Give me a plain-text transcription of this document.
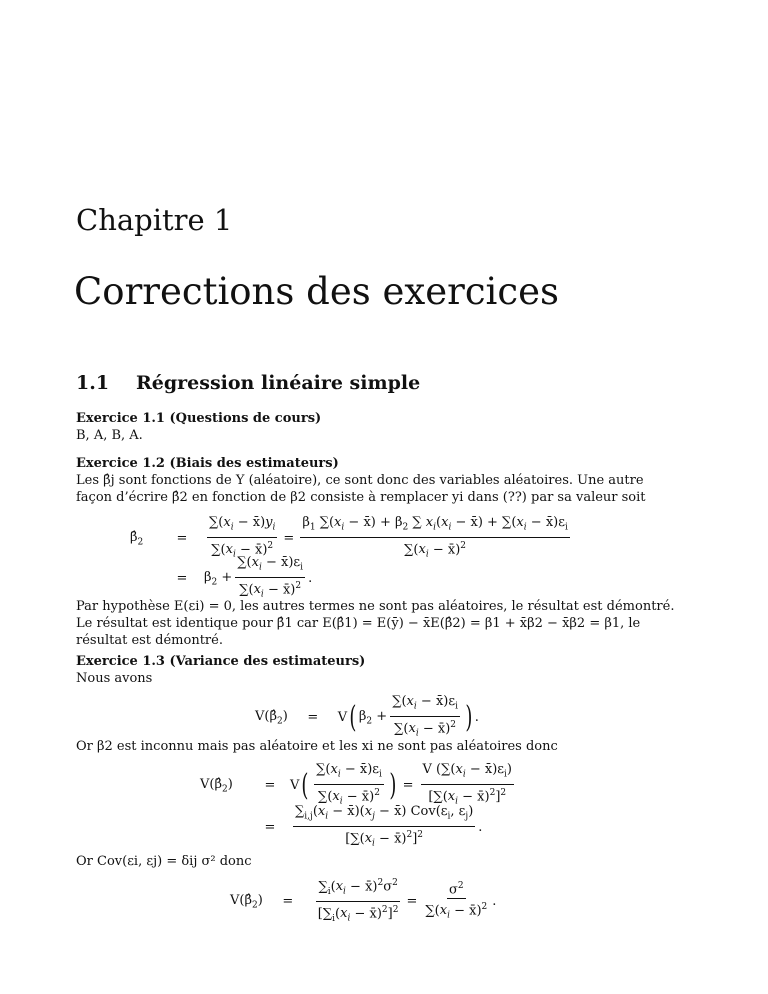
Chapitre 1
Corrections des exercices
1.1 Régression linéaire simple
Exercice 1.1 (Questions de cours)
B, A, B, A.
Exercice 1.2 (Biais des estimateurs)
Les β̂j sont fonctions de Y (aléatoire), ce sont donc des variables aléatoires. Une autre
façon d’écrire β̂2 en fonction de β2 consiste à remplacer yi dans (??) par sa valeur soit
$\betâ_2$	=	$\frac{\sum(x_i - x̄)y_i}{\sum(x_i - x̄)^2} = \frac{\beta_1 \sum(x_i - x̄) + \beta_2 \sum x_i(x_i - x̄) + \sum(x_i - x̄)\varepsilon_i}{\sum(x_i - x̄)^2}$
=	$\beta_2 + \frac{\sum(x_i - x̄)\varepsilon_i}{\sum(x_i - x̄)^2}$ .
Par hypothèse E(εi) = 0, les autres termes ne sont pas aléatoires, le résultat est démontré.
Le résultat est identique pour β̂1 car E(β̂1) = E(ȳ) − x̄E(β̂2) = β1 + x̄β2 − x̄β2 = β1, le
résultat est démontré.
Exercice 1.3 (Variance des estimateurs)
Nous avons
$V(\betâ_2)$	=	V ( $\beta_2 + \frac{\sum(x_i - x̄)\varepsilon_i}{\sum(x_i - x̄)^2}$ ) .
Or β2 est inconnu mais pas aléatoire et les xi ne sont pas aléatoires donc
$V(\betâ_2)$	=	V ( $\frac{\sum(x_i - x̄)\varepsilon_i}{\sum(x_i - x̄)^2}$ ) = $\frac{V (\sum(x_i - x̄)\varepsilon_i)}{[\sum(x_i - x̄)^2]^2}$
=	$\frac{\sum_{i,j}(x_i - x̄)(x_j - x̄) Cov(\varepsilon_i, \varepsilon_j)}{[\sum(x_i - x̄)^2]^2}$ .
Or Cov(εi, εj) = δij σ² donc
$V(\betâ_2)$	=	$\frac{\sum_i(x_i - x̄)^2\sigma^2}{[\sum_i(x_i - x̄)^2]^2} = \frac{\sigma^2}{\sum(x_i - x̄)^2}$ .
